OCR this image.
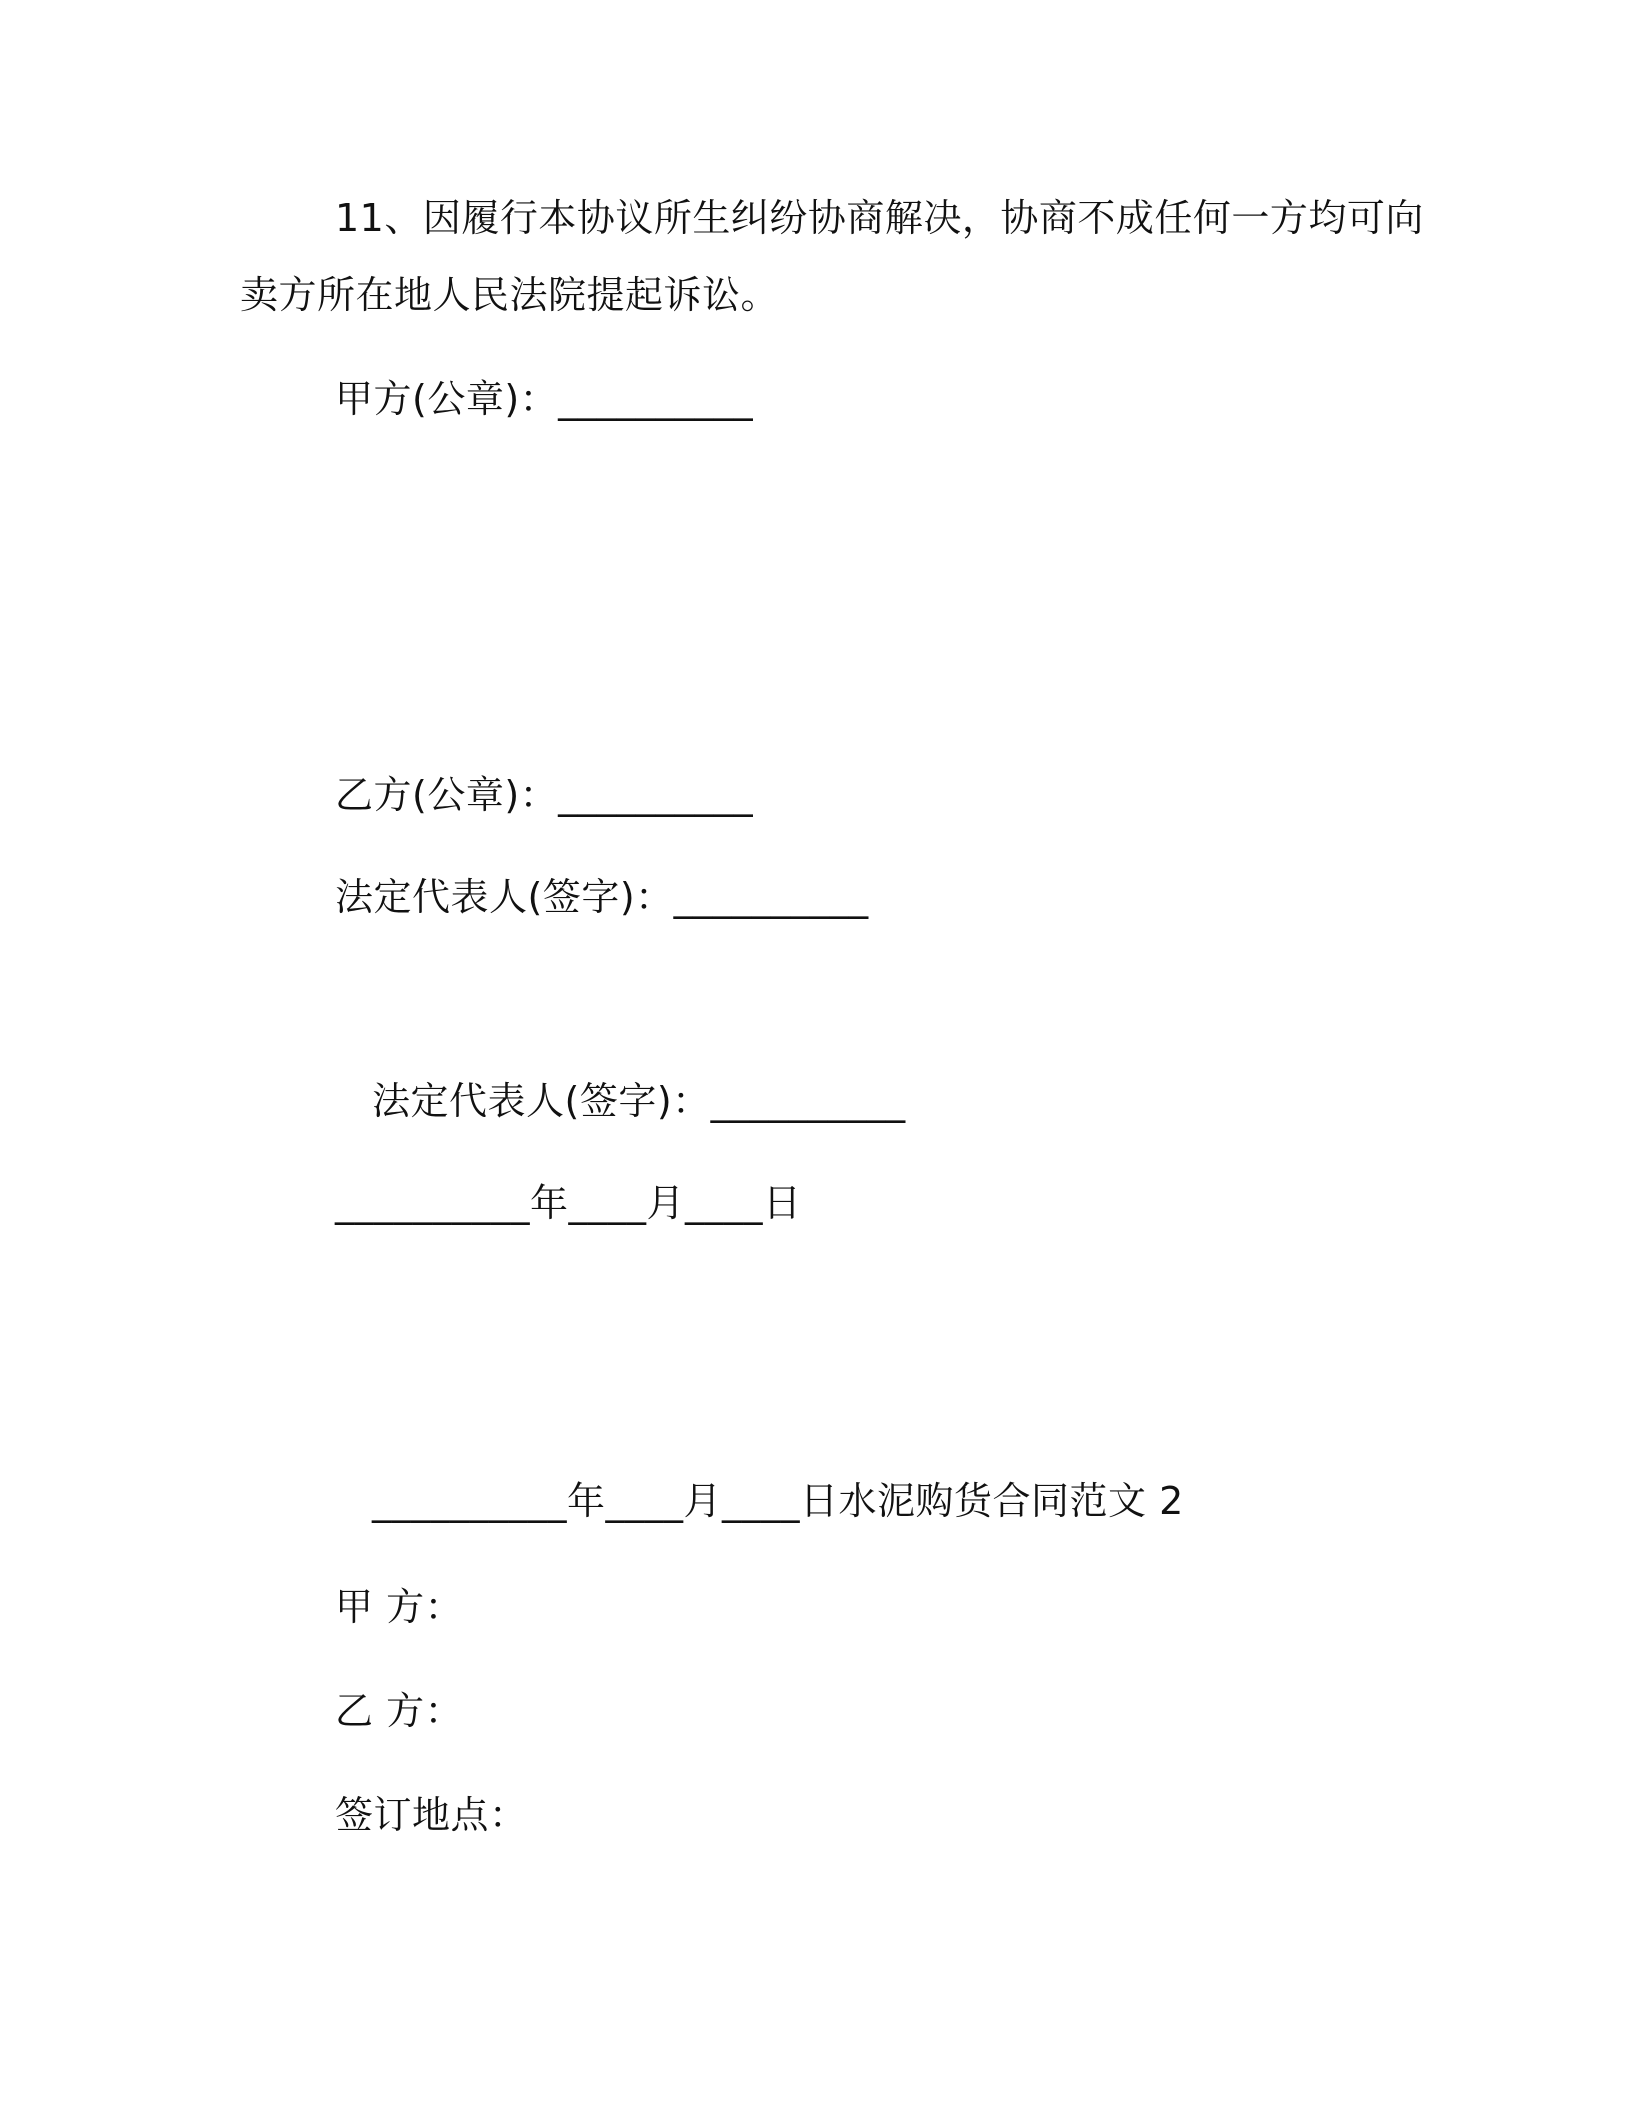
11、因履行本协议所生纠纷协商解决，协商不成任何一方均可向
卖方所在地人民法院提起诉讼。
甲方(公章)：__________
乙方(公章)：__________
法定代表人(签字)：__________
法定代表人(签字)：__________
__________年____月____日
__________年____月____日水泥购货合同范文 2
甲 方：
乙 方：
签订地点：
